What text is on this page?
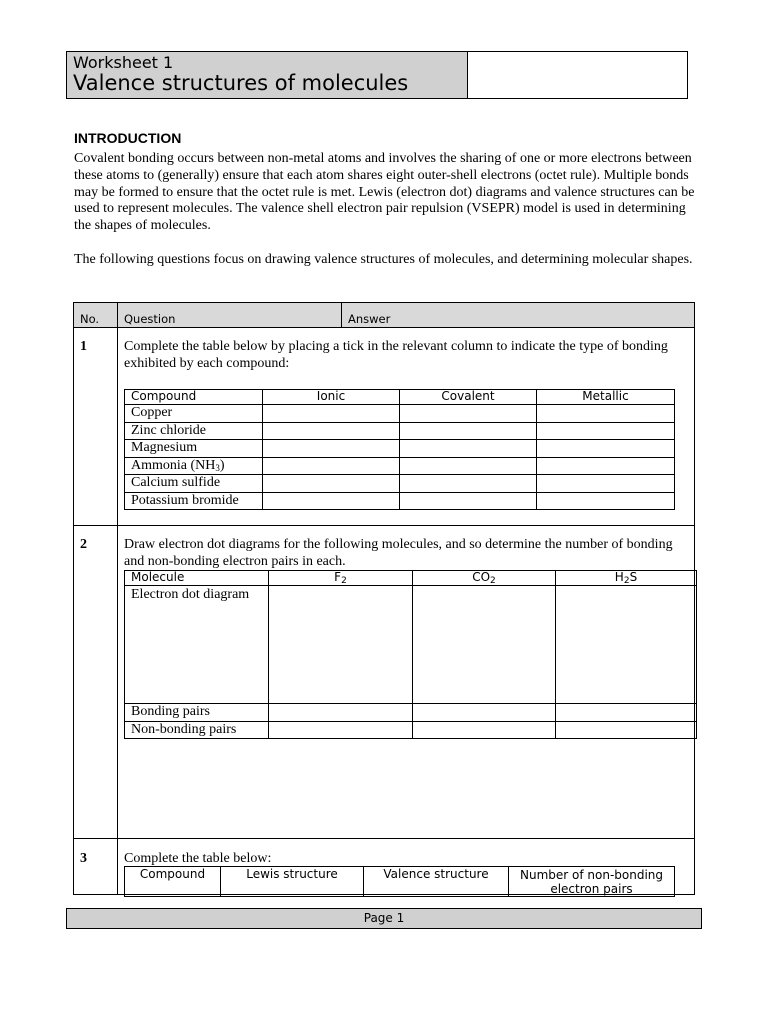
Worksheet 1
Valence structures of molecules
INTRODUCTION
Covalent bonding occurs between non-metal atoms and involves the sharing of one or more electrons between these atoms to (generally) ensure that each atom shares eight outer-shell electrons (octet rule). Multiple bonds may be formed to ensure that the octet rule is met. Lewis (electron dot) diagrams and valence structures can be used to represent molecules. The valence shell electron pair repulsion (VSEPR) model is used in determining the shapes of molecules.
The following questions focus on drawing valence structures of molecules, and determining molecular shapes.
No. Question	Answer
1	Complete the table below by placing a tick in the relevant column to indicate the type of bonding exhibited by each compound:
Compound	Ionic	Covalent	Metallic
Copper			
Zinc chloride			
Magnesium			
Ammonia $(NH_3)$			
Calcium sulfide			
Potassium bromide			
2	Draw electron dot diagrams for the following molecules, and so determine the number of bonding and non-bonding electron pairs in each.
Molecule	$F_2$	$CO_2$	$H_2S$
Electron dot diagram			
Bonding pairs			
Non-bonding pairs			
3	Complete the table below:
Compound	Lewis structure	Valence structure	Number of non-bonding electron pairs
Page 1
